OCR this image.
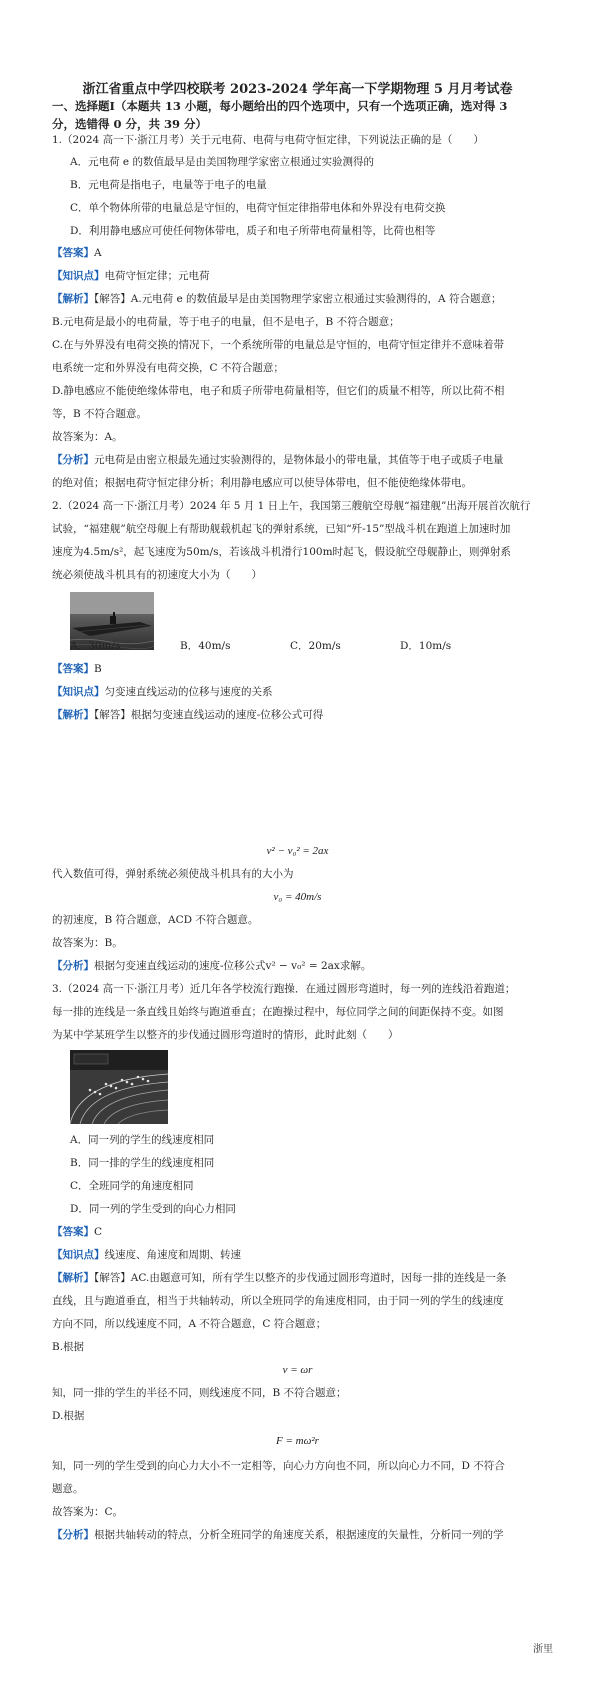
浙江省重点中学四校联考 2023-2024 学年高一下学期物理 5 月月考试卷
一、选择题Ⅰ（本题共 13 小题，每小题给出的四个选项中，只有一个选项正确，选对得 3
分，选错得 0 分，共 39 分）
1.（2024 高一下·浙江月考）关于元电荷、电荷与电荷守恒定律，下列说法正确的是（　　）
A．元电荷 e 的数值最早是由美国物理学家密立根通过实验测得的
B．元电荷是指电子，电量等于电子的电量
C．单个物体所带的电量总是守恒的，电荷守恒定律指带电体和外界没有电荷交换
D．利用静电感应可使任何物体带电，质子和电子所带电荷量相等，比荷也相等
【答案】A
【知识点】电荷守恒定律；元电荷
【解析】【解答】A.元电荷 e 的数值最早是由美国物理学家密立根通过实验测得的，A 符合题意；
B.元电荷是最小的电荷量，等于电子的电量，但不是电子，B 不符合题意；
C.在与外界没有电荷交换的情况下，一个系统所带的电量总是守恒的，电荷守恒定律并不意味着带
电系统一定和外界没有电荷交换，C 不符合题意；
D.静电感应不能使绝缘体带电，电子和质子所带电荷量相等，但它们的质量不相等，所以比荷不相
等，B 不符合题意。
故答案为：A。
【分析】元电荷是由密立根最先通过实验测得的，是物体最小的带电量，其值等于电子或质子电量
的绝对值；根据电荷守恒定律分析；利用静电感应可以使导体带电，但不能使绝缘体带电。
2.（2024 高一下·浙江月考）2024 年 5 月 1 日上午，我国第三艘航空母舰“福建舰”出海开展首次航行
试验，“福建舰”航空母舰上有帮助舰载机起飞的弹射系统，已知“歼-15”型战斗机在跑道上加速时加
速度为4.5m/s²，起飞速度为50m/s，若该战斗机滑行100m时起飞，假设航空母舰静止，则弹射系
统必须使战斗机具有的初速度大小为（　　）
A．30m/s	B．40m/s	C．20m/s	D．10m/s
【答案】B
【知识点】匀变速直线运动的位移与速度的关系
【解析】【解答】根据匀变速直线运动的速度-位移公式可得
v² − v₀² = 2ax
代入数值可得，弹射系统必须使战斗机具有的大小为
v₀ = 40m/s
的初速度，B 符合题意，ACD 不符合题意。
故答案为：B。
【分析】根据匀变速直线运动的速度-位移公式v² − v₀² = 2ax求解。
3.（2024 高一下·浙江月考）近几年各学校流行跑操．在通过圆形弯道时，每一列的连线沿着跑道；
每一排的连线是一条直线且始终与跑道垂直；在跑操过程中，每位同学之间的间距保持不变。如图
为某中学某班学生以整齐的步伐通过圆形弯道时的情形，此时此刻（　　）
A．同一列的学生的线速度相同
B．同一排的学生的线速度相同
C．全班同学的角速度相同
D．同一列的学生受到的向心力相同
【答案】C
【知识点】线速度、角速度和周期、转速
【解析】【解答】AC.由题意可知，所有学生以整齐的步伐通过圆形弯道时，因每一排的连线是一条
直线，且与跑道垂直，相当于共轴转动，所以全班同学的角速度相同，由于同一列的学生的线速度
方向不同，所以线速度不同，A 不符合题意，C 符合题意；
B.根据
v = ωr
知，同一排的学生的半径不同，则线速度不同，B 不符合题意；
D.根据
F = mω²r
知，同一列的学生受到的向心力大小不一定相等，向心力方向也不同，所以向心力不同，D 不符合
题意。
故答案为：C。
【分析】根据共轴转动的特点，分析全班同学的角速度关系，根据速度的矢量性，分析同一列的学
浙里
